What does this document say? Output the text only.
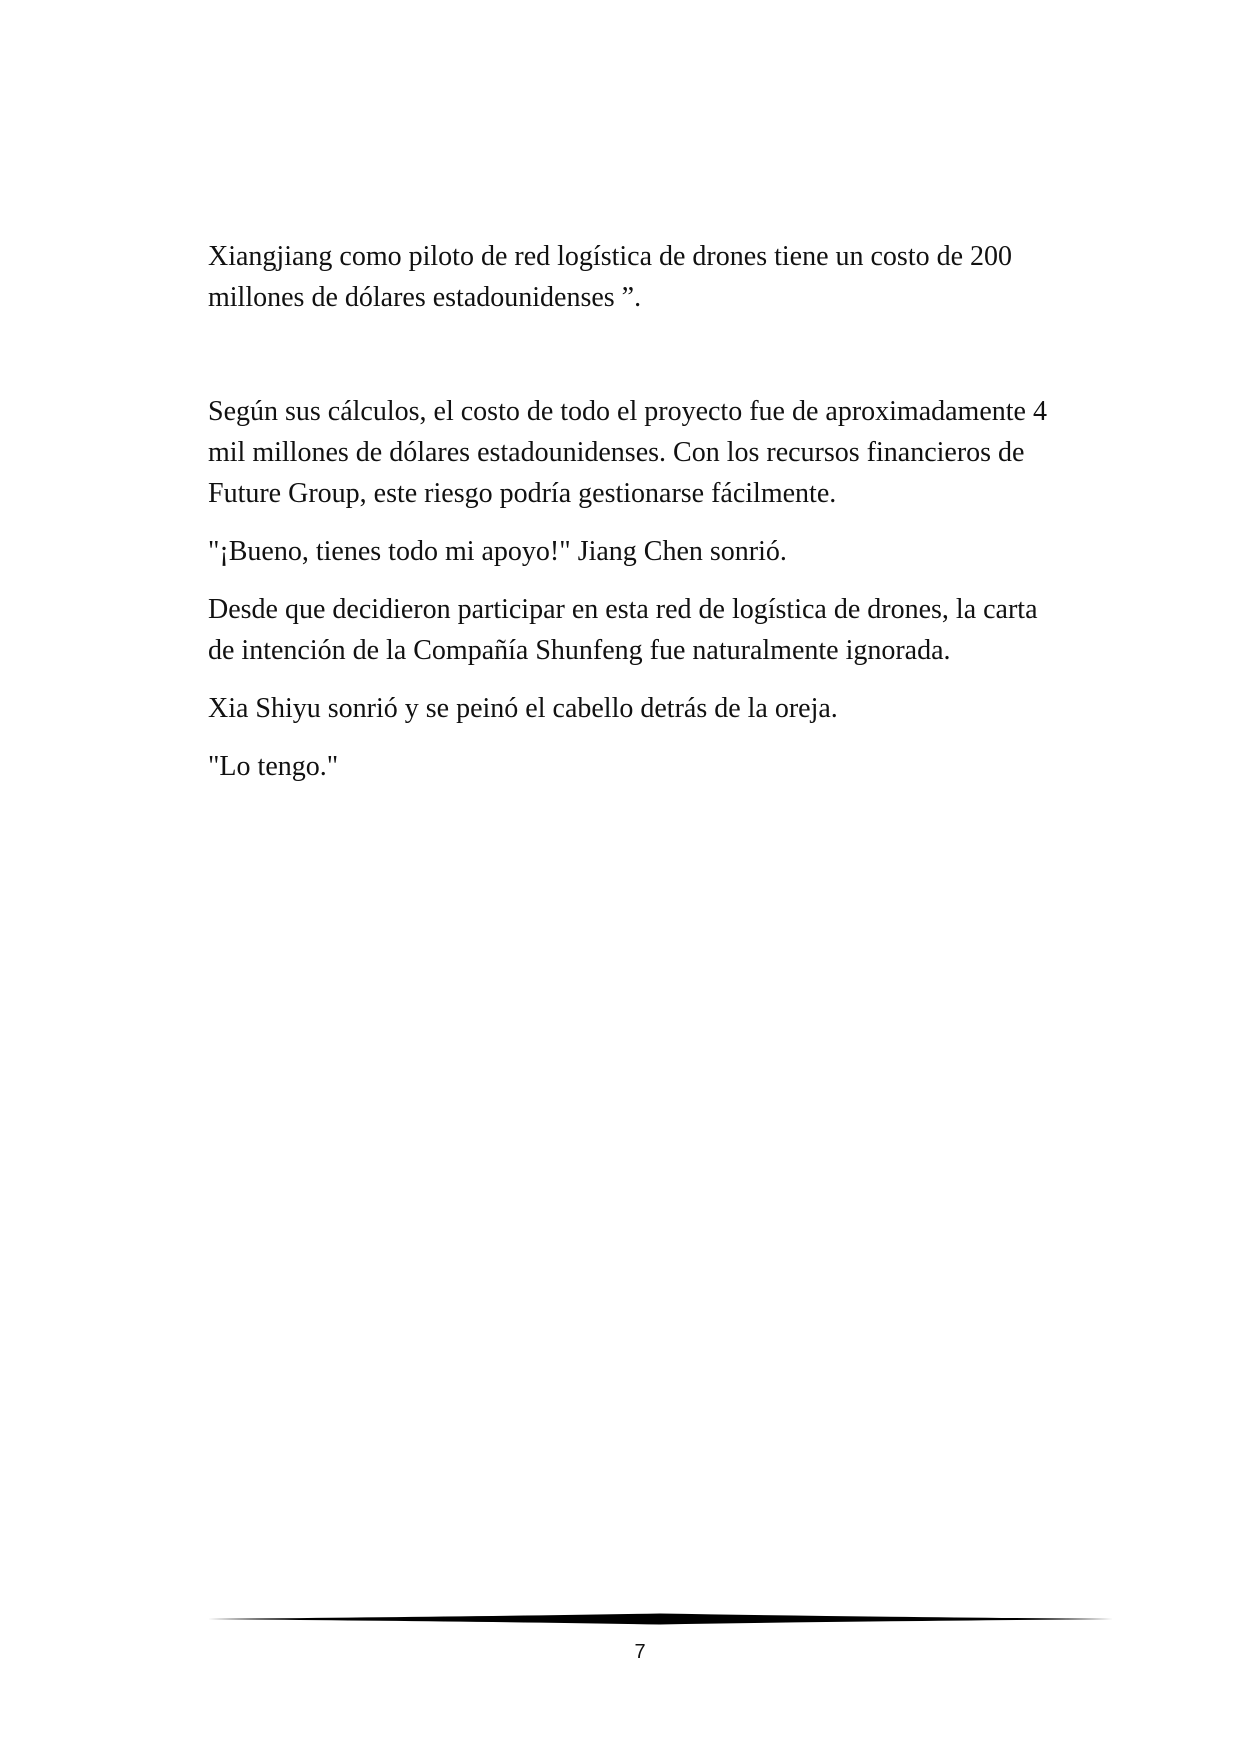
Xiangjiang como piloto de red logística de drones tiene un costo de 200 millones de dólares estadounidenses ”.

Según sus cálculos, el costo de todo el proyecto fue de aproximadamente 4 mil millones de dólares estadounidenses. Con los recursos financieros de Future Group, este riesgo podría gestionarse fácilmente.

"¡Bueno, tienes todo mi apoyo!" Jiang Chen sonrió.

Desde que decidieron participar en esta red de logística de drones, la carta de intención de la Compañía Shunfeng fue naturalmente ignorada.

Xia Shiyu sonrió y se peinó el cabello detrás de la oreja.

"Lo tengo."

7
